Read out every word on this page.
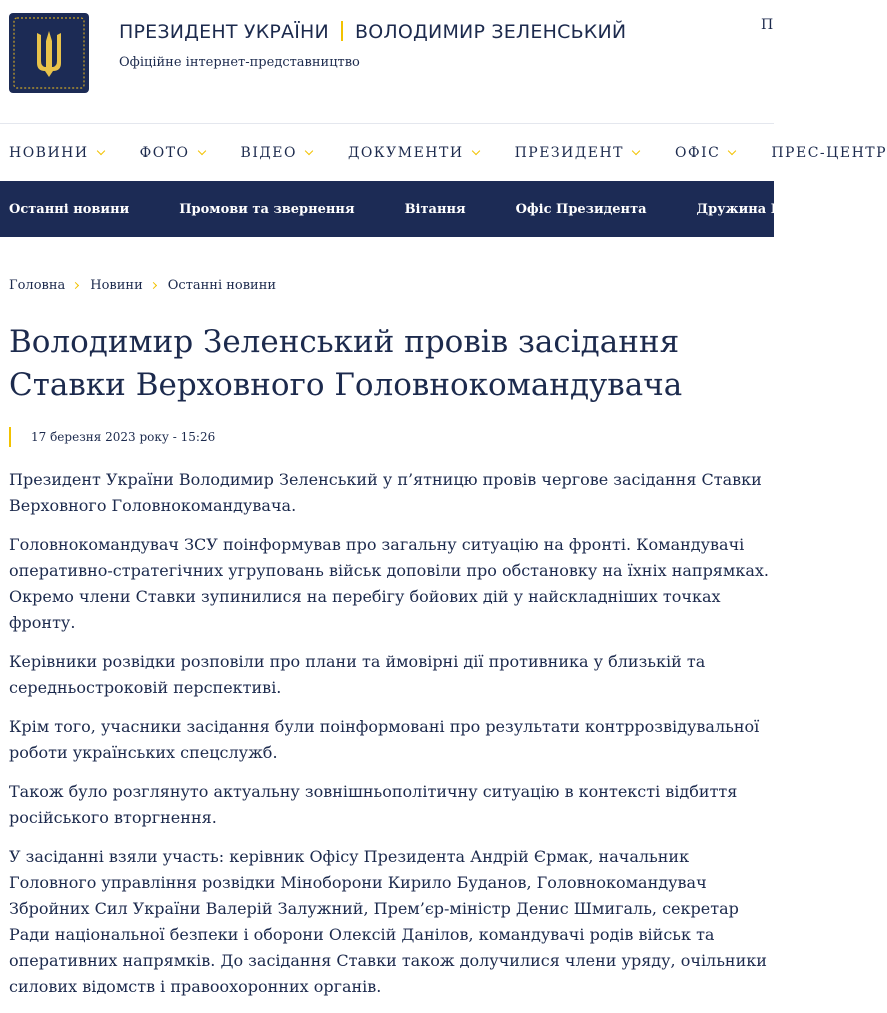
ПРЕЗИДЕНТ УКРАЇНИ ВОЛОДИМИР ЗЕЛЕНСЬКИЙ
Офіційне інтернет-представництво
П
НОВИНИ	ФОТО	ВІДЕО	ДОКУМЕНТИ	ПРЕЗИДЕНТ	ОФІС	ПРЕС-ЦЕНТР
Останні новини	Промови та звернення	Вітання	Офіс Президента	Дружина Президента
Головна Новини Останні новини
Володимир Зеленський провів засідання Ставки Верховного Головнокомандувача
17 березня 2023 року - 15:26

Президент України Володимир Зеленський у п’ятницю провів чергове засідання Ставки Верховного Головнокомандувача.

Головнокомандувач ЗСУ поінформував про загальну ситуацію на фронті. Командувачі оперативно-стратегічних угруповань військ доповіли про обстановку на їхніх напрямках. Окремо члени Ставки зупинилися на перебігу бойових дій у найскладніших точках фронту.

Керівники розвідки розповіли про плани та ймовірні дії противника у близькій та середньостроковій перспективі.

Крім того, учасники засідання були поінформовані про результати контррозвідувальної роботи українських спецслужб.

Також було розглянуто актуальну зовнішньополітичну ситуацію в контексті відбиття російського вторгнення.

У засіданні взяли участь: керівник Офісу Президента Андрій Єрмак, начальник Головного управління розвідки Міноборони Кирило Буданов, Головнокомандувач Збройних Сил України Валерій Залужний, Прем’єр-міністр Денис Шмигаль, секретар Ради національної безпеки і оборони Олексій Данілов, командувачі родів військ та оперативних напрямків. До засідання Ставки також долучилися члени уряду, очільники силових відомств і правоохоронних органів.
